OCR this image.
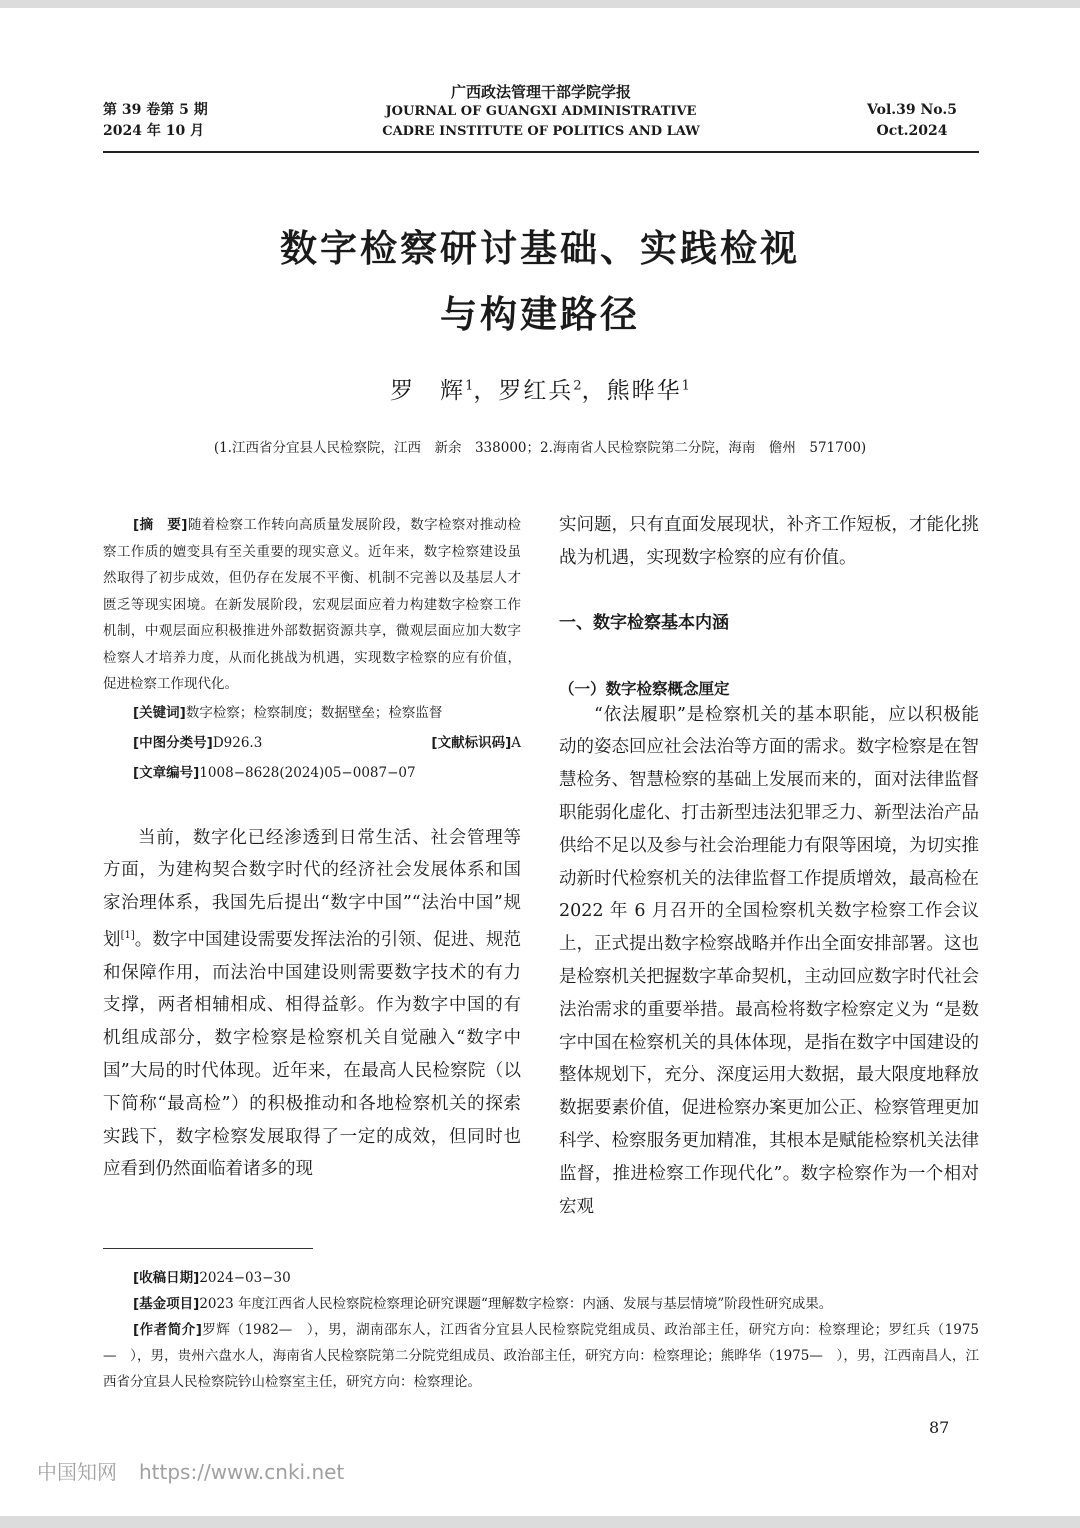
第 39 卷第 5 期
2024 年 10 月
广西政法管理干部学院学报
JOURNAL OF GUANGXI ADMINISTRATIVE
CADRE INSTITUTE OF POLITICS AND LAW
Vol.39 No.5
Oct.2024
数字检察研讨基础、实践检视
与构建路径
罗　辉$^1$，罗红兵$^2$，熊晔华$^1$
(1.江西省分宜县人民检察院，江西　新余　338000；2.海南省人民检察院第二分院，海南　儋州　571700)

[摘　要]随着检察工作转向高质量发展阶段，数字检察对推动检察工作质的嬗变具有至关重要的现实意义。近年来，数字检察建设虽然取得了初步成效，但仍存在发展不平衡、机制不完善以及基层人才匮乏等现实困境。在新发展阶段，宏观层面应着力构建数字检察工作机制，中观层面应积极推进外部数据资源共享，微观层面应加大数字检察人才培养力度，从而化挑战为机遇，实现数字检察的应有价值，促进检察工作现代化。

[关键词]数字检察；检察制度；数据壁垒；检察监督
[中图分类号]D926.3	[文献标识码]A
[文章编号]1008−8628(2024)05−0087−07

当前，数字化已经渗透到日常生活、社会管理等方面，为建构契合数字时代的经济社会发展体系和国家治理体系，我国先后提出“数字中国”“法治中国”规划[1]。数字中国建设需要发挥法治的引领、促进、规范和保障作用，而法治中国建设则需要数字技术的有力支撑，两者相辅相成、相得益彰。作为数字中国的有机组成部分，数字检察是检察机关自觉融入“数字中国”大局的时代体现。近年来，在最高人民检察院（以下简称“最高检”）的积极推动和各地检察机关的探索实践下，数字检察发展取得了一定的成效，但同时也应看到仍然面临着诸多的现

实问题，只有直面发展现状，补齐工作短板，才能化挑战为机遇，实现数字检察的应有价值。

一、数字检察基本内涵
（一）数字检察概念厘定

“依法履职”是检察机关的基本职能，应以积极能动的姿态回应社会法治等方面的需求。数字检察是在智慧检务、智慧检察的基础上发展而来的，面对法律监督职能弱化虚化、打击新型违法犯罪乏力、新型法治产品供给不足以及参与社会治理能力有限等困境，为切实推动新时代检察机关的法律监督工作提质增效，最高检在 2022 年 6 月召开的全国检察机关数字检察工作会议上，正式提出数字检察战略并作出全面安排部署。这也是检察机关把握数字革命契机，主动回应数字时代社会法治需求的重要举措。最高检将数字检察定义为 “是数字中国在检察机关的具体体现，是指在数字中国建设的整体规划下，充分、深度运用大数据，最大限度地释放数据要素价值，促进检察办案更加公正、检察管理更加科学、检察服务更加精准，其根本是赋能检察机关法律监督，推进检察工作现代化”。数字检察作为一个相对宏观

[收稿日期]2024−03−30

[基金项目]2023 年度江西省人民检察院检察理论研究课题“理解数字检察：内涵、发展与基层情境”阶段性研究成果。

[作者简介]罗辉（1982—　），男，湖南邵东人，江西省分宜县人民检察院党组成员、政治部主任，研究方向：检察理论；罗红兵（1975—　），男，贵州六盘水人，海南省人民检察院第二分院党组成员、政治部主任，研究方向：检察理论；熊晔华（1975—　），男，江西南昌人，江西省分宜县人民检察院钤山检察室主任，研究方向：检察理论。

87
中国知网 https://www.cnki.net
